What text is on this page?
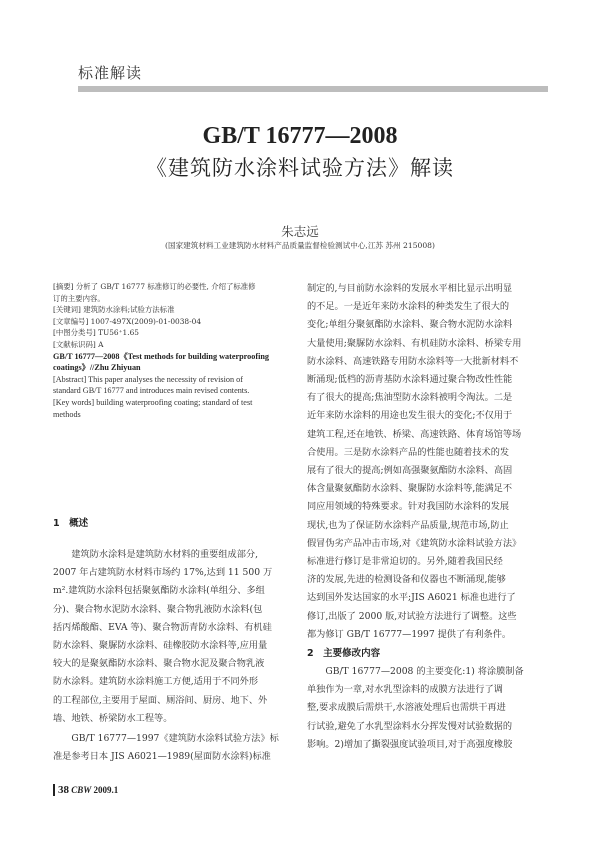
标准解读
GB/T 16777—2008
《建筑防水涂料试验方法》解读
朱志远
(国家建筑材料工业建筑防水材料产品质量监督检验测试中心,江苏 苏州 215008)
[摘要] 分析了 GB/T 16777 标准修订的必要性, 介绍了标准修
订的主要内容。
[关键词] 建筑防水涂料;试验方法标准
[文章编号] 1007-497X(2009)-01-0038-04
[中图分类号] TU56⁺1.65
[文献标识码] A
GB/T 16777—2008《Test methods for building waterproofing
coatings》//Zhu Zhiyuan
[Abstract] This paper analyses the necessity of revision of
standard GB/T 16777 and introduces main revised contents.
[Key words] building waterproofing coating; standard of test
methods
1　概述
　　建筑防水涂料是建筑防水材料的重要组成部分,
2007 年占建筑防水材料市场约 17%,达到 11 500 万
m².建筑防水涂料包括聚氨酯防水涂料(单组分、多组
分)、聚合物水泥防水涂料、聚合物乳液防水涂料(包
括丙烯酸酯、EVA 等)、聚合物沥青防水涂料、有机硅
防水涂料、聚脲防水涂料、硅橡胶防水涂料等,应用量
较大的是聚氨酯防水涂料、聚合物水泥及聚合物乳液
防水涂料。建筑防水涂料施工方便,适用于不同外形
的工程部位,主要用于屋面、厕浴间、厨房、地下、外
墙、地铁、桥梁防水工程等。
　　GB/T 16777—1997《建筑防水涂料试验方法》标
准是参考日本 JIS A6021—1989(屋面防水涂料)标准
制定的,与目前防水涂料的发展水平相比显示出明显
的不足。一是近年来防水涂料的种类发生了很大的
变化;单组分聚氨酯防水涂料、聚合物水泥防水涂料
大量使用;聚脲防水涂料、有机硅防水涂料、桥梁专用
防水涂料、高速铁路专用防水涂料等一大批新材料不
断涌现;低档的沥青基防水涂料通过聚合物改性性能
有了很大的提高;焦油型防水涂料被明令淘汰。二是
近年来防水涂料的用途也发生很大的变化;不仅用于
建筑工程,还在地铁、桥梁、高速铁路、体育场馆等场
合使用。三是防水涂料产品的性能也随着技术的发
展有了很大的提高;例如高强聚氨酯防水涂料、高固
体含量聚氨酯防水涂料、聚脲防水涂料等,能满足不
同应用领域的特殊要求。针对我国防水涂料的发展
现状,也为了保证防水涂料产品质量,规范市场,防止
假冒伪劣产品冲击市场,对《建筑防水涂料试验方法》
标准进行修订是非常迫切的。另外,随着我国民经
济的发展,先进的检测设备和仪器也不断涌现,能够
达到国外发达国家的水平;JIS A6021 标准也进行了
修订,出版了 2000 版,对试验方法进行了调整。这些
都为修订 GB/T 16777—1997 提供了有利条件。
2　主要修改内容
　　GB/T 16777—2008 的主要变化:1) 将涂膜制备
单独作为一章,对水乳型涂料的成膜方法进行了调
整,要求成膜后需烘干,水溶液处理后也需烘干再进
行试验,避免了水乳型涂料水分挥发慢对试验数据的
影响。2)增加了撕裂强度试验项目,对于高强度橡胶
38 CBW 2009.1
